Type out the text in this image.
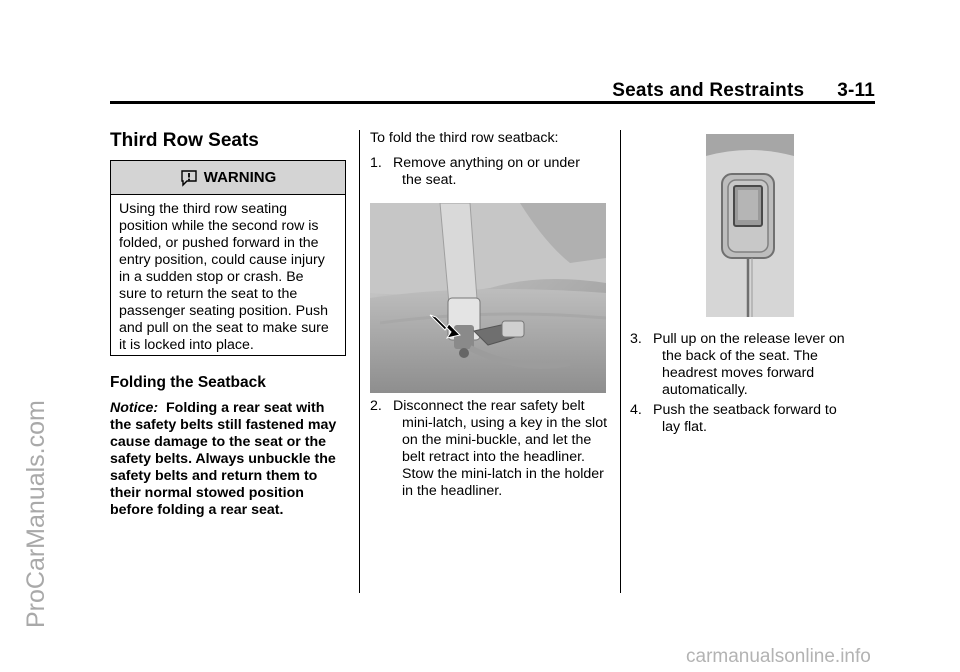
ProCarManuals.com
Seats and Restraints 3-11
Third Row Seats
WARNING
Using the third row seating
position while the second row is
folded, or pushed forward in the
entry position, could cause injury
in a sudden stop or crash. Be
sure to return the seat to the
passenger seating position. Push
and pull on the seat to make sure
it is locked into place.
Folding the Seatback
Notice: Folding a rear seat with
the safety belts still fastened may
cause damage to the seat or the
safety belts. Always unbuckle the
safety belts and return them to
their normal stowed position
before folding a rear seat.
To fold the third row seatback:
1. Remove anything on or under
the seat.
2. Disconnect the rear safety belt
mini-latch, using a key in the slot
on the mini-buckle, and let the
belt retract into the headliner.
Stow the mini-latch in the holder
in the headliner.
3. Pull up on the release lever on
the back of the seat. The
headrest moves forward
automatically.
4. Push the seatback forward to
lay flat.
carmanualsonline.info
